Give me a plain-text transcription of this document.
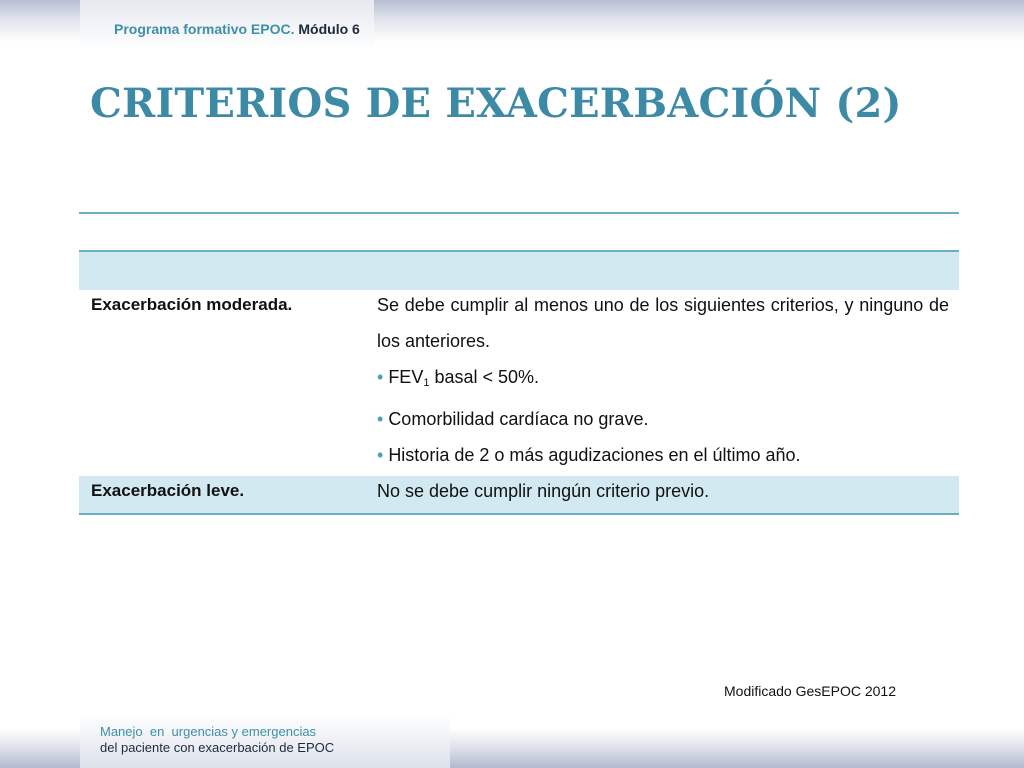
Programa formativo EPOC. Módulo 6
CRITERIOS DE EXACERBACIÓN (2)
Exacerbación moderada.	Se debe cumplir al menos uno de los siguientes criterios, y ninguno de los anteriores.
• $FEV_1$ basal < 50%.
• Comorbilidad cardíaca no grave.
• Historia de 2 o más agudizaciones en el último año.
Exacerbación leve.	No se debe cumplir ningún criterio previo.
Modificado GesEPOC 2012
Manejo  en  urgencias y emergencias
del paciente con exacerbación de EPOC
